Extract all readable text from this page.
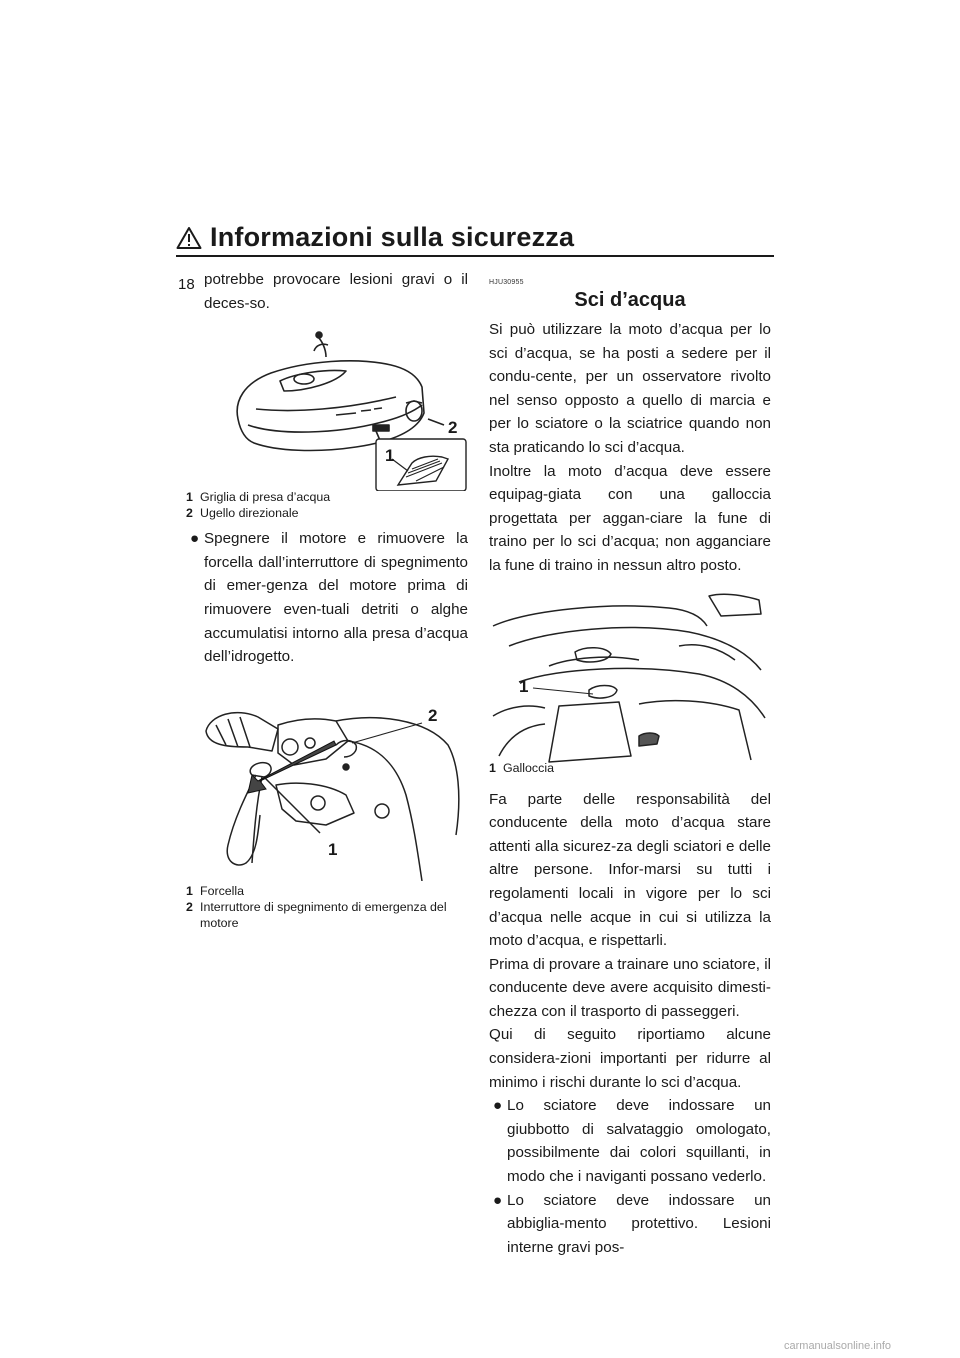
Informazioni sulla sicurezza
18 potrebbe provocare lesioni gravi o il deces-so.

2
1
1 Griglia di presa d’acqua
2 Ugello direzionale
● Spegnere il motore e rimuovere la forcella dall’interruttore di spegnimento di emer-genza del motore prima di rimuovere even-tuali detriti o alghe accumulatisi intorno alla presa d’acqua dell’idrogetto.
2
1
1 Forcella
2 Interruttore di spegnimento di emergenza del motore
HJU30955
Sci d’acqua

Si può utilizzare la moto d’acqua per lo sci d’acqua, se ha posti a sedere per il condu-cente, per un osservatore rivolto nel senso opposto a quello di marcia e per lo sciatore o la sciatrice quando non sta praticando lo sci d’acqua.

Inoltre la moto d’acqua deve essere equipag-giata con una galloccia progettata per aggan-ciare la fune di traino per lo sci d’acqua; non agganciare la fune di traino in nessun altro posto.

1
1 Galloccia

Fa parte delle responsabilità del conducente della moto d’acqua stare attenti alla sicurez-za degli sciatori e delle altre persone. Infor-marsi su tutti i regolamenti locali in vigore per lo sci d’acqua nelle acque in cui si utilizza la moto d’acqua, e rispettarli.

Prima di provare a trainare uno sciatore, il conducente deve avere acquisito dimesti-chezza con il trasporto di passeggeri.

Qui di seguito riportiamo alcune considera-zioni importanti per ridurre al minimo i rischi durante lo sci d’acqua.

● Lo sciatore deve indossare un giubbotto di salvataggio omologato, possibilmente dai colori squillanti, in modo che i naviganti possano vederlo.
● Lo sciatore deve indossare un abbiglia-mento protettivo. Lesioni interne gravi pos-
carmanualsonline.info
